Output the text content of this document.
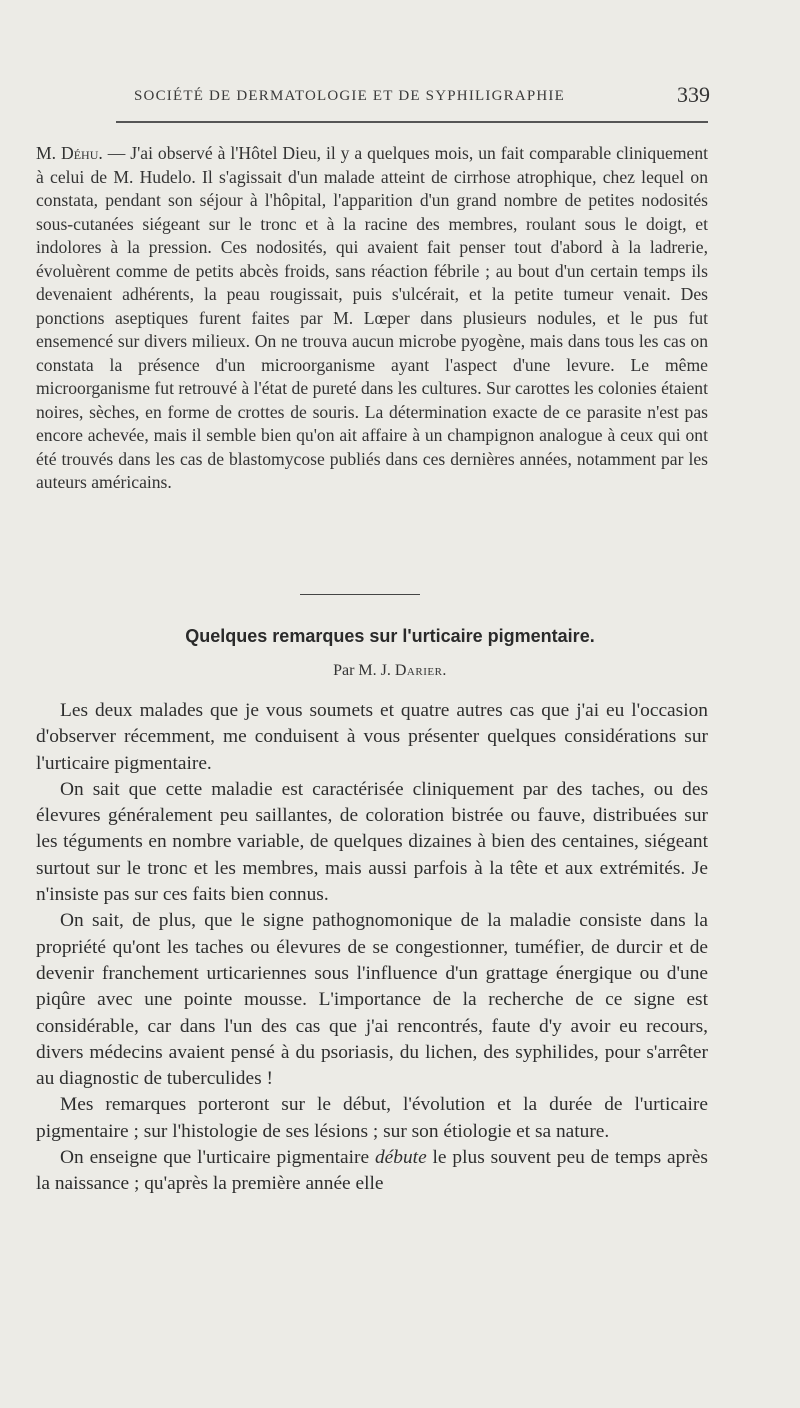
SOCIÉTÉ DE DERMATOLOGIE ET DE SYPHILIGRAPHIE	339
M. Déhu. — J'ai observé à l'Hôtel Dieu, il y a quelques mois, un fait comparable cliniquement à celui de M. Hudelo. Il s'agissait d'un malade atteint de cirrhose atrophique, chez lequel on constata, pendant son séjour à l'hôpital, l'apparition d'un grand nombre de petites nodosités sous-cutanées siégeant sur le tronc et à la racine des membres, roulant sous le doigt, et indolores à la pression. Ces nodosités, qui avaient fait penser tout d'abord à la ladrerie, évoluèrent comme de petits abcès froids, sans réaction fébrile ; au bout d'un certain temps ils devenaient adhérents, la peau rougissait, puis s'ulcérait, et la petite tumeur venait. Des ponctions aseptiques furent faites par M. Lœper dans plusieurs nodules, et le pus fut ensemencé sur divers milieux. On ne trouva aucun microbe pyogène, mais dans tous les cas on constata la présence d'un microorganisme ayant l'aspect d'une levure. Le même microorganisme fut retrouvé à l'état de pureté dans les cultures. Sur carottes les colonies étaient noires, sèches, en forme de crottes de souris. La détermination exacte de ce parasite n'est pas encore achevée, mais il semble bien qu'on ait affaire à un champignon analogue à ceux qui ont été trouvés dans les cas de blastomycose publiés dans ces dernières années, notamment par les auteurs américains.
Quelques remarques sur l'urticaire pigmentaire.
Par M. J. Darier.

Les deux malades que je vous soumets et quatre autres cas que j'ai eu l'occasion d'observer récemment, me conduisent à vous présenter quelques considérations sur l'urticaire pigmentaire.

On sait que cette maladie est caractérisée cliniquement par des taches, ou des élevures généralement peu saillantes, de coloration bistrée ou fauve, distribuées sur les téguments en nombre variable, de quelques dizaines à bien des centaines, siégeant surtout sur le tronc et les membres, mais aussi parfois à la tête et aux extrémités. Je n'insiste pas sur ces faits bien connus.

On sait, de plus, que le signe pathognomonique de la maladie consiste dans la propriété qu'ont les taches ou élevures de se congestionner, tuméfier, de durcir et de devenir franchement urticariennes sous l'influence d'un grattage énergique ou d'une piqûre avec une pointe mousse. L'importance de la recherche de ce signe est considérable, car dans l'un des cas que j'ai rencontrés, faute d'y avoir eu recours, divers médecins avaient pensé à du psoriasis, du lichen, des syphilides, pour s'arrêter au diagnostic de tuberculides !

Mes remarques porteront sur le début, l'évolution et la durée de l'urticaire pigmentaire ; sur l'histologie de ses lésions ; sur son étiologie et sa nature.

On enseigne que l'urticaire pigmentaire débute le plus souvent peu de temps après la naissance ; qu'après la première année elle
